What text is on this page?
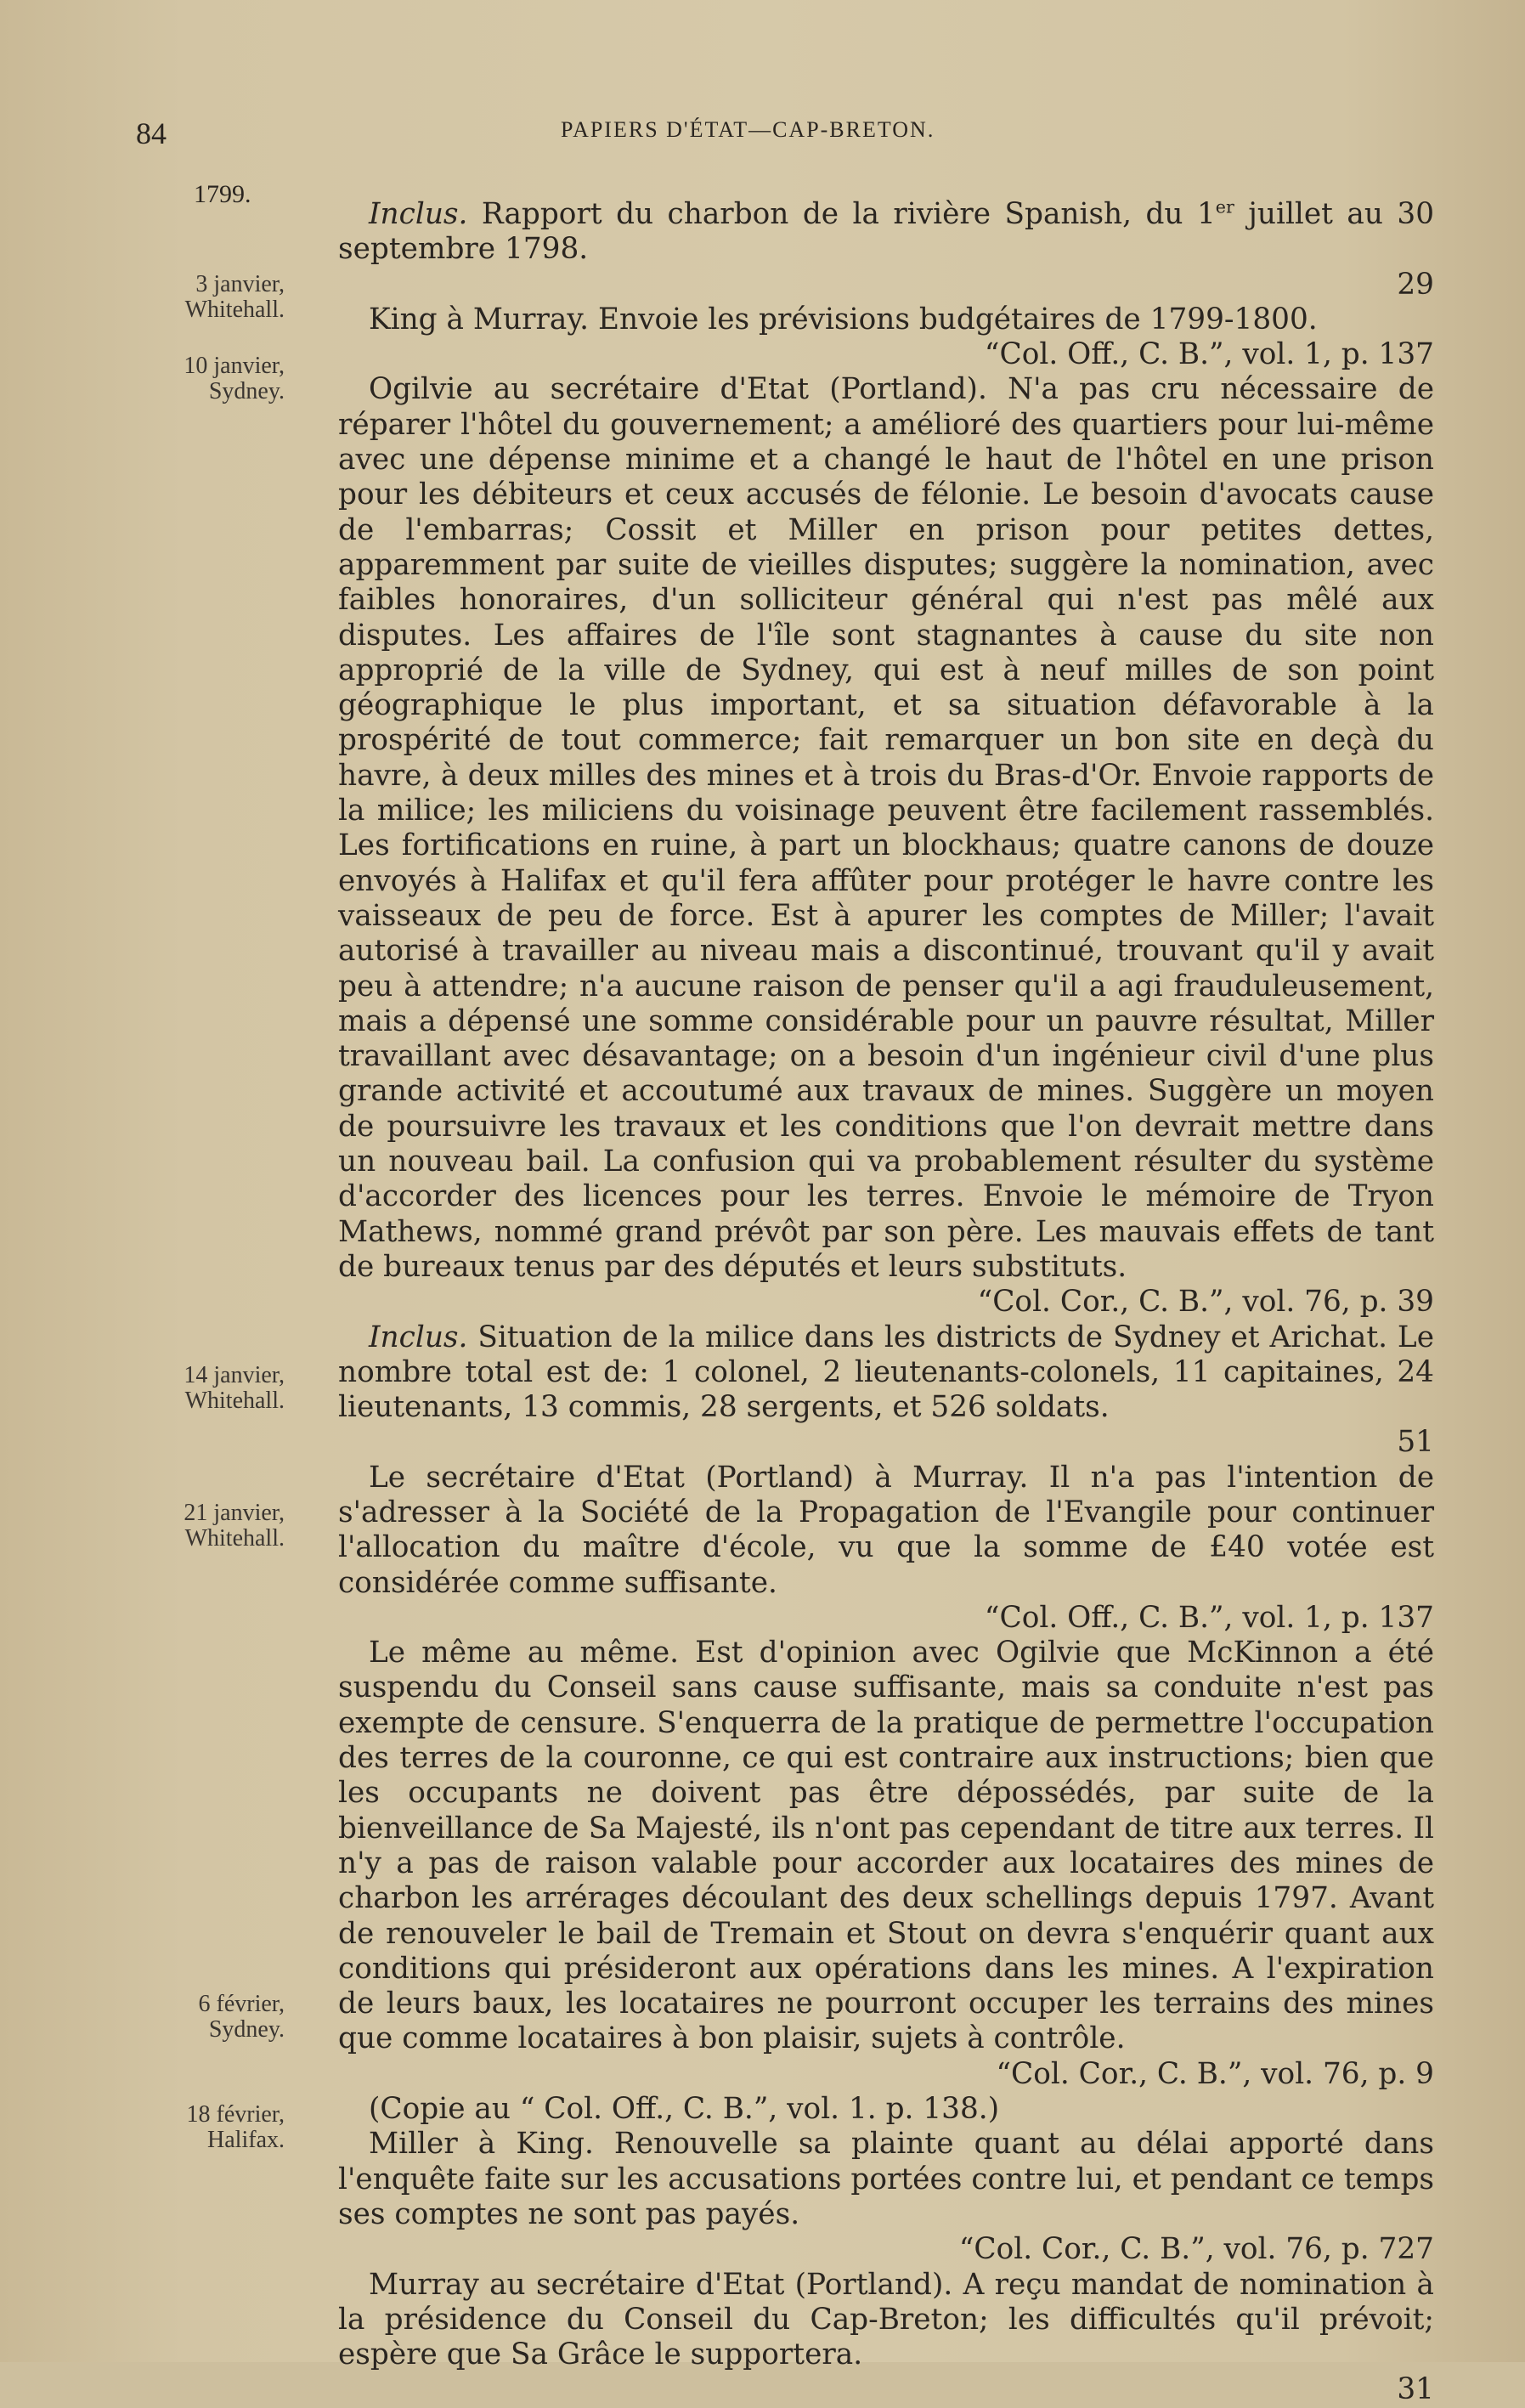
84	PAPIERS D'ÉTAT—CAP-BRETON.
1799.
3 janvier,
Whitehall.
10 janvier,
Sydney.
14 janvier,
Whitehall.
21 janvier,
Whitehall.
6 février,
Sydney.
18 février,
Halifax.

Inclus. Rapport du charbon de la rivière Spanish, du 1er juillet au 30 septembre 1798.
29

King à Murray. Envoie les prévisions budgétaires de 1799-1800.
“Col. Off., C. B.”, vol. 1, p. 137

Ogilvie au secrétaire d'Etat (Portland). N'a pas cru nécessaire de réparer l'hôtel du gouvernement; a amélioré des quartiers pour lui-même avec une dépense minime et a changé le haut de l'hôtel en une prison pour les débiteurs et ceux accusés de félonie. Le besoin d'avocats cause de l'embarras; Cossit et Miller en prison pour petites dettes, apparemment par suite de vieilles disputes; suggère la nomination, avec faibles honoraires, d'un solliciteur général qui n'est pas mêlé aux disputes. Les affaires de l'île sont stagnantes à cause du site non approprié de la ville de Sydney, qui est à neuf milles de son point géographique le plus important, et sa situation défavorable à la prospérité de tout commerce; fait remarquer un bon site en deçà du havre, à deux milles des mines et à trois du Bras-d'Or. Envoie rapports de la milice; les miliciens du voisinage peuvent être facilement rassemblés. Les fortifications en ruine, à part un blockhaus; quatre canons de douze envoyés à Halifax et qu'il fera affûter pour protéger le havre contre les vaisseaux de peu de force. Est à apurer les comptes de Miller; l'avait autorisé à travailler au niveau mais a discontinué, trouvant qu'il y avait peu à attendre; n'a aucune raison de penser qu'il a agi frauduleusement, mais a dépensé une somme considérable pour un pauvre résultat, Miller travaillant avec désavantage; on a besoin d'un ingénieur civil d'une plus grande activité et accoutumé aux travaux de mines. Suggère un moyen de poursuivre les travaux et les conditions que l'on devrait mettre dans un nouveau bail. La confusion qui va probablement résulter du système d'accorder des licences pour les terres. Envoie le mémoire de Tryon Mathews, nommé grand prévôt par son père. Les mauvais effets de tant de bureaux tenus par des députés et leurs substituts.
“Col. Cor., C. B.”, vol. 76, p. 39

Inclus. Situation de la milice dans les districts de Sydney et Arichat. Le nombre total est de: 1 colonel, 2 lieutenants-colonels, 11 capitaines, 24 lieutenants, 13 commis, 28 sergents, et 526 soldats.
51

Le secrétaire d'Etat (Portland) à Murray. Il n'a pas l'intention de s'adresser à la Société de la Propagation de l'Evangile pour continuer l'allocation du maître d'école, vu que la somme de £40 votée est considérée comme suffisante.
“Col. Off., C. B.”, vol. 1, p. 137

Le même au même. Est d'opinion avec Ogilvie que McKinnon a été suspendu du Conseil sans cause suffisante, mais sa conduite n'est pas exempte de censure. S'enquerra de la pratique de permettre l'occupation des terres de la couronne, ce qui est contraire aux instructions; bien que les occupants ne doivent pas être dépossédés, par suite de la bienveillance de Sa Majesté, ils n'ont pas cependant de titre aux terres. Il n'y a pas de raison valable pour accorder aux locataires des mines de charbon les arrérages découlant des deux schellings depuis 1797. Avant de renouveler le bail de Tremain et Stout on devra s'enquérir quant aux conditions qui présideront aux opérations dans les mines. A l'expiration de leurs baux, les locataires ne pourront occuper les terrains des mines que comme locataires à bon plaisir, sujets à contrôle.
“Col. Cor., C. B.”, vol. 76, p. 9

(Copie au “ Col. Off., C. B.”, vol. 1. p. 138.)

Miller à King. Renouvelle sa plainte quant au délai apporté dans l'enquête faite sur les accusations portées contre lui, et pendant ce temps ses comptes ne sont pas payés.
“Col. Cor., C. B.”, vol. 76, p. 727

Murray au secrétaire d'Etat (Portland). A reçu mandat de nomination à la présidence du Conseil du Cap-Breton; les difficultés qu'il prévoit; espère que Sa Grâce le supportera.
31
